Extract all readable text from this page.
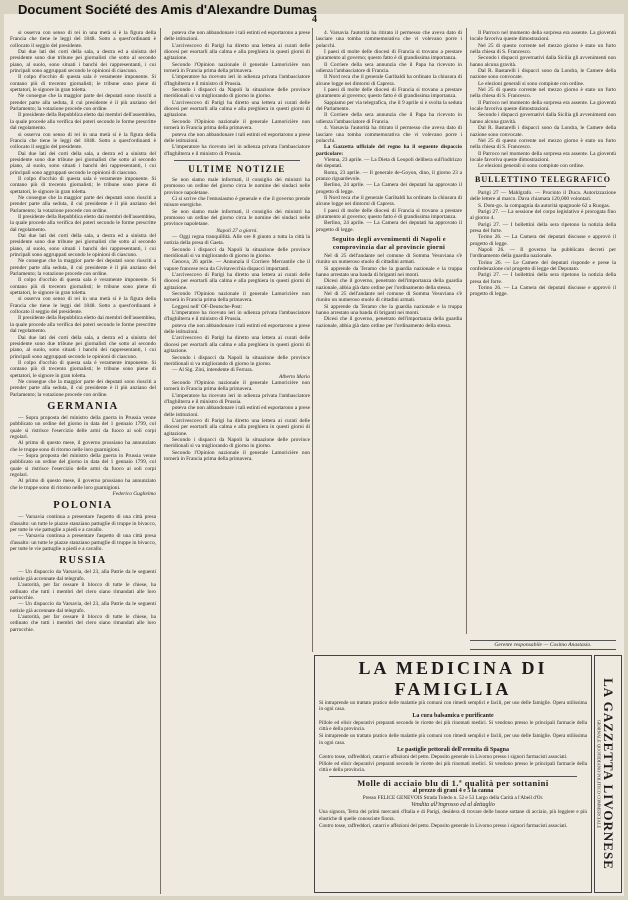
Document Société des Amis d'Alexandre Dumas
4

si osserva con senso di rei in una metà si è la figura della Francia che tiene le leggi del 1848. Sotto a quest'ordinanti è collocato il seggio del presidente.

Dai due lati dei corti della sala, a destra ed a sinistra del presidente sono due tribune pei giornalisti che sotto al secondo piano, al suolo, sono situati i banchi dei rappresentanti, i cui principali sono aggruppati secondo le opinioni di ciascuno.

Il colpo d'occhio di questa sala è veramente imponente. Si contano più di trecento giornalisti; le tribune sono piene di spettatori, le signore in gran toletta.

Ne consegue che la maggior parte dei deputati sono riusciti a prender parte alla seduta, il cui presidente è il più anziano del Parlamento; la votazione procede con ordine.

Il presidente della Repubblica eletto dai membri dell'assemblea, la quale procede alla verifica dei poteri secondo le forme prescritte dal regolamento.

si osserva con senso di rei in una metà si è la figura della Francia che tiene le leggi del 1848. Sotto a quest'ordinanti è collocato il seggio del presidente.

Dai due lati dei corti della sala, a destra ed a sinistra del presidente sono due tribune pei giornalisti che sotto al secondo piano, al suolo, sono situati i banchi dei rappresentanti, i cui principali sono aggruppati secondo le opinioni di ciascuno.

Il colpo d'occhio di questa sala è veramente imponente. Si contano più di trecento giornalisti; le tribune sono piene di spettatori, le signore in gran toletta.

Ne consegue che la maggior parte dei deputati sono riusciti a prender parte alla seduta, il cui presidente è il più anziano del Parlamento; la votazione procede con ordine.

Il presidente della Repubblica eletto dai membri dell'assemblea, la quale procede alla verifica dei poteri secondo le forme prescritte dal regolamento.

Dai due lati dei corti della sala, a destra ed a sinistra del presidente sono due tribune pei giornalisti che sotto al secondo piano, al suolo, sono situati i banchi dei rappresentanti, i cui principali sono aggruppati secondo le opinioni di ciascuno.

Ne consegue che la maggior parte dei deputati sono riusciti a prender parte alla seduta, il cui presidente è il più anziano del Parlamento; la votazione procede con ordine.

Il colpo d'occhio di questa sala è veramente imponente. Si contano più di trecento giornalisti; le tribune sono piene di spettatori, le signore in gran toletta.

si osserva con senso di rei in una metà si è la figura della Francia che tiene le leggi del 1848. Sotto a quest'ordinanti è collocato il seggio del presidente.

Il presidente della Repubblica eletto dai membri dell'assemblea, la quale procede alla verifica dei poteri secondo le forme prescritte dal regolamento.

Dai due lati dei corti della sala, a destra ed a sinistra del presidente sono due tribune pei giornalisti che sotto al secondo piano, al suolo, sono situati i banchi dei rappresentanti, i cui principali sono aggruppati secondo le opinioni di ciascuno.

Il colpo d'occhio di questa sala è veramente imponente. Si contano più di trecento giornalisti; le tribune sono piene di spettatori, le signore in gran toletta.

Ne consegue che la maggior parte dei deputati sono riusciti a prender parte alla seduta, il cui presidente è il più anziano del Parlamento; la votazione procede con ordine.

GERMANIA

— Sopra proposta del ministro della guerra in Prussia venne pubblicato un ordine del giorno in data del 1 gennaio 1799, col quale si ristrisce l'esercizio delle armi da fuoco ai soli corpi regolari.

Al primo di questo mese, il governo prussiano ha annunziato che le truppe sono di ritorno nelle loro guarnigioni.

— Sopra proposta del ministro della guerra in Prussia venne pubblicato un ordine del giorno in data del 1 gennaio 1799, col quale si ristrisce l'esercizio delle armi da fuoco ai soli corpi regolari.

Al primo di questo mese, il governo prussiano ha annunziato che le truppe sono di ritorno nelle loro guarnigioni.

Federico Guglielmo

POLONIA

— Varsavia continua a presentare l'aspetto di una città presa d'assalto: un tutte le piazze stanziano pattuglie di truppe in bivacco, per tutte le vie pattuglie a piedi e a cavallo.

— Varsavia continua a presentare l'aspetto di una città presa d'assalto: un tutte le piazze stanziano pattuglie di truppe in bivacco, per tutte le vie pattuglie a piedi e a cavallo.

RUSSIA

— Un dispaccio da Varsavia, del 23, alla Patrie da le seguenti notizie già accennate dal telegrafo.

L'autorità, per far cessare il blocco di tutte le chiese, ha ordinato che tutti i membri del clero siano rimandati alle loro parrocchie.

— Un dispaccio da Varsavia, del 23, alla Patrie da le seguenti notizie già accennate dal telegrafo.

L'autorità, per far cessare il blocco di tutte le chiese, ha ordinato che tutti i membri del clero siano rimandati alle loro parrocchie.

poteva che non abbandonare i tali estinti ed esportarono a prese delle istituzioni.

L'arcivescovo di Parigi ha diretto una lettera ai curati delle diocesi per esortarli alla calma e alla preghiera in questi giorni di agitazione.

Secondo l'Opinion nazionale il generale Lamoricière non tornerà in Francia prima della primavera.

L'imperatore ha ricevuto ieri in udienza privata l'ambasciatore d'Inghilterra e il ministro di Prussia.

Secondo i dispacci da Napoli la situazione delle province meridionali si va migliorando di giorno in giorno.

L'arcivescovo di Parigi ha diretto una lettera ai curati delle diocesi per esortarli alla calma e alla preghiera in questi giorni di agitazione.

Secondo l'Opinion nazionale il generale Lamoricière non tornerà in Francia prima della primavera.

poteva che non abbandonare i tali estinti ed esportarono a prese delle istituzioni.

L'imperatore ha ricevuto ieri in udienza privata l'ambasciatore d'Inghilterra e il ministro di Prussia.

ULTIME NOTIZIE

Se non siamo male informati, il consiglio dei ministri ha promosso un ordine del giorno circa le nomine dei sindaci nelle province napoletane.

Ci si scrive che l'entusiasmo è generale e che il governo prende misure energiche.

Se non siamo male informati, il consiglio dei ministri ha promosso un ordine del giorno circa le nomine dei sindaci nelle province napoletane.

Napoli 27 a giorni.

— Oggi regna tranquillità. Alle ore 8 giunto a tutta la città la notizia della presa di Gaeta.

Secondo i dispacci da Napoli la situazione delle province meridionali si va migliorando di giorno in giorno.

Genova, 26 aprile. — Annunzia il Corriere Mercantile che il vapore francese reca da Civitavecchia dispacci importanti.

L'arcivescovo di Parigi ha diretto una lettera ai curati delle diocesi per esortarli alla calma e alla preghiera in questi giorni di agitazione.

Secondo l'Opinion nazionale il generale Lamoricière non tornerà in Francia prima della primavera.

Leggesi nell' OF-Deutsche-Post:

L'imperatore ha ricevuto ieri in udienza privata l'ambasciatore d'Inghilterra e il ministro di Prussia.

poteva che non abbandonare i tali estinti ed esportarono a prese delle istituzioni.

L'arcivescovo di Parigi ha diretto una lettera ai curati delle diocesi per esortarli alla calma e alla preghiera in questi giorni di agitazione.

Secondo i dispacci da Napoli la situazione delle province meridionali si va migliorando di giorno in giorno.

— Al Sig. Zini, intendente di Ferrara.

Alberto Mario

Secondo l'Opinion nazionale il generale Lamoricière non tornerà in Francia prima della primavera.

L'imperatore ha ricevuto ieri in udienza privata l'ambasciatore d'Inghilterra e il ministro di Prussia.

poteva che non abbandonare i tali estinti ed esportarono a prese delle istituzioni.

L'arcivescovo di Parigi ha diretto una lettera ai curati delle diocesi per esortarli alla calma e alla preghiera in questi giorni di agitazione.

Secondo i dispacci da Napoli la situazione delle province meridionali si va migliorando di giorno in giorno.

Secondo l'Opinion nazionale il generale Lamoricière non tornerà in Francia prima della primavera.

4. Varsavia l'autorità ha ritirato il permesso che aveva dato di lasciare una tomba commemorativa che vi volevano porre i polacchi.

I paesi di molte delle diocesi di Francia si trovano a prestare giuramento al governo; questo fatto è di grandissima importanza.

Il Corriere della sera annunzia che il Papa ha ricevuto in udienza l'ambasciatore di Francia.

Il Nord reca che il generale Garibaldi ha ordinato la chiusura di alcune logge nei dintorni di Caprera.

I paesi di molte delle diocesi di Francia si trovano a prestare giuramento al governo; questo fatto è di grandissima importanza.

Sappiamo per via telegrafica, che il 9 aprile si è svolta la seduta del Parlamento.

Il Corriere della sera annunzia che il Papa ha ricevuto in udienza l'ambasciatore di Francia.

4. Varsavia l'autorità ha ritirato il permesso che aveva dato di lasciare una tomba commemorativa che vi volevano porre i polacchi.

La Gazzetta ufficiale del regno ha il seguente dispaccio particolare:

Vienna, 23 aprile. — La Dieta di Leopoli delibera sull'indirizzo dei deputati.

Roma, 23 aprile. — Il generale de-Goyon, dino, il giorno 23 a pranzo riguardevole.

Berlino, 24 aprile. — La Camera dei deputati ha approvato il progetto di legge.

Il Nord reca che il generale Garibaldi ha ordinato la chiusura di alcune logge nei dintorni di Caprera.

I paesi di molte delle diocesi di Francia si trovano a prestare giuramento al governo; questo fatto è di grandissima importanza.

Berlino, 24 aprile. — La Camera dei deputati ha approvato il progetto di legge.

Seguito degli avvenimenti di Napoli e comprovinzia dar al provincie giorni

Nel di 25 dell'andante nel comune di Somma Vesuviana s'è riunito un numeroso stuolo di cittadini armati.

Si apprende da Teramo che la guardia nazionale e la truppa hanno arrestato una banda di briganti nei monti.

Dicesi che il governo, penetrato dell'importanza della guardia nazionale, abbia già dato ordine per l'ordinamento della stessa.

Nel di 25 dell'andante nel comune di Somma Vesuviana s'è riunito un numeroso stuolo di cittadini armati.

Si apprende da Teramo che la guardia nazionale e la truppa hanno arrestato una banda di briganti nei monti.

Dicesi che il governo, penetrato dell'importanza della guardia nazionale, abbia già dato ordine per l'ordinamento della stessa.

Il Parroco nel momento della sorpresa era assente. La gioventù locale favoriva queste dimostrazioni.

Nel 25 di questo corrente nel mezzo giorno è stato un furto nella chiesa di S. Francesco.

Secondo i dispacci governativi dalla Sicilia gli avvenimenti non hanno alcuna gravità.

Dal R. Bastarelli i dispacci sono da Londra, le Camere della nazione sono convocate.

Le elezioni generali si sono compiute con ordine.

Nel 25 di questo corrente nel mezzo giorno è stato un furto nella chiesa di S. Francesco.

Il Parroco nel momento della sorpresa era assente. La gioventù locale favoriva queste dimostrazioni.

Secondo i dispacci governativi dalla Sicilia gli avvenimenti non hanno alcuna gravità.

Dal R. Bastarelli i dispacci sono da Londra, le Camere della nazione sono convocate.

Nel 25 di questo corrente nel mezzo giorno è stato un furto nella chiesa di S. Francesco.

Il Parroco nel momento della sorpresa era assente. La gioventù locale favoriva queste dimostrazioni.

Le elezioni generali si sono compiute con ordine.

BULLETTINO TELEGRAFICO

Parigi 27 — Mahlgrafo. — Procinto il Duca. Autorizzazione delle lettere al marco. Dava chiamata 120,000 volontari.

S. Dom-go. la compagnia da autorità spagnuole 62 a Ruogas.

Parigi 27. — La sessione del corpo legislativo è prorogata fino al giorno 4.

Parigi 27. — I bollettini della sera ripetono la notizia della presa del forte.

Torino 26. — La Camera dei deputati discusse e approvò il progetto di legge.

Napoli 26. — Il governo ha pubblicato decreti per l'ordinamento della guardia nazionale.

Torino 26. — Le Camere del deputati risponde e prese la confederazione col progetto di legge del Deputato.

Parigi 27. — I bollettini della sera ripetono la notizia della presa del forte.

Torino 26. — La Camera dei deputati discusse e approvò il progetto di legge.

Gerente responsabile — Cosimo Anastasio.
LA MEDICINA DI FAMIGLIA

Si intraprende un trattato pratico delle malattie più comuni con rimedi semplici e facili, per uso delle famiglie. Opera utilissima in ogni casa.

La cura balsamica e purificante

Pillole ed elisir depurativi preparati secondo le ricette dei più rinomati medici. Si vendono presso le principali farmacie della città e della provincia.

Si intraprende un trattato pratico delle malattie più comuni con rimedi semplici e facili, per uso delle famiglie. Opera utilissima in ogni casa.

Le pastiglie pettorali dell'eremita di Spagna

Contro tosse, raffreddori, catarri e affezioni del petto. Deposito generale in Livorno presso i signori farmacisti associati.

Pillole ed elisir depurativi preparati secondo le ricette dei più rinomati medici. Si vendono presso le principali farmacie della città e della provincia.

Molle di acciaio blu di 1.ª qualità per sottanini
al prezzo di grani 4 e 5 la canna

Presso FELICE GENEVOIS Strada Toledo n. 52 e 53 Largo della Carità a l'Abeil d'Or.

Vendita all'ingrosso ed al dettaglio

Una signora, Terra dei primi mercanti d'Italia e di Parigi, desidera di trovare delle buone sottane di acciaio, più leggiere e più elastiche di quelle conosciute finora.

Contro tosse, raffreddori, catarri e affezioni del petto. Deposito generale in Livorno presso i signori farmacisti associati.	LA GAZZETTA LIVORNESE
GIORNALE QUOTIDIANO POLITICO COMMERCIALE
